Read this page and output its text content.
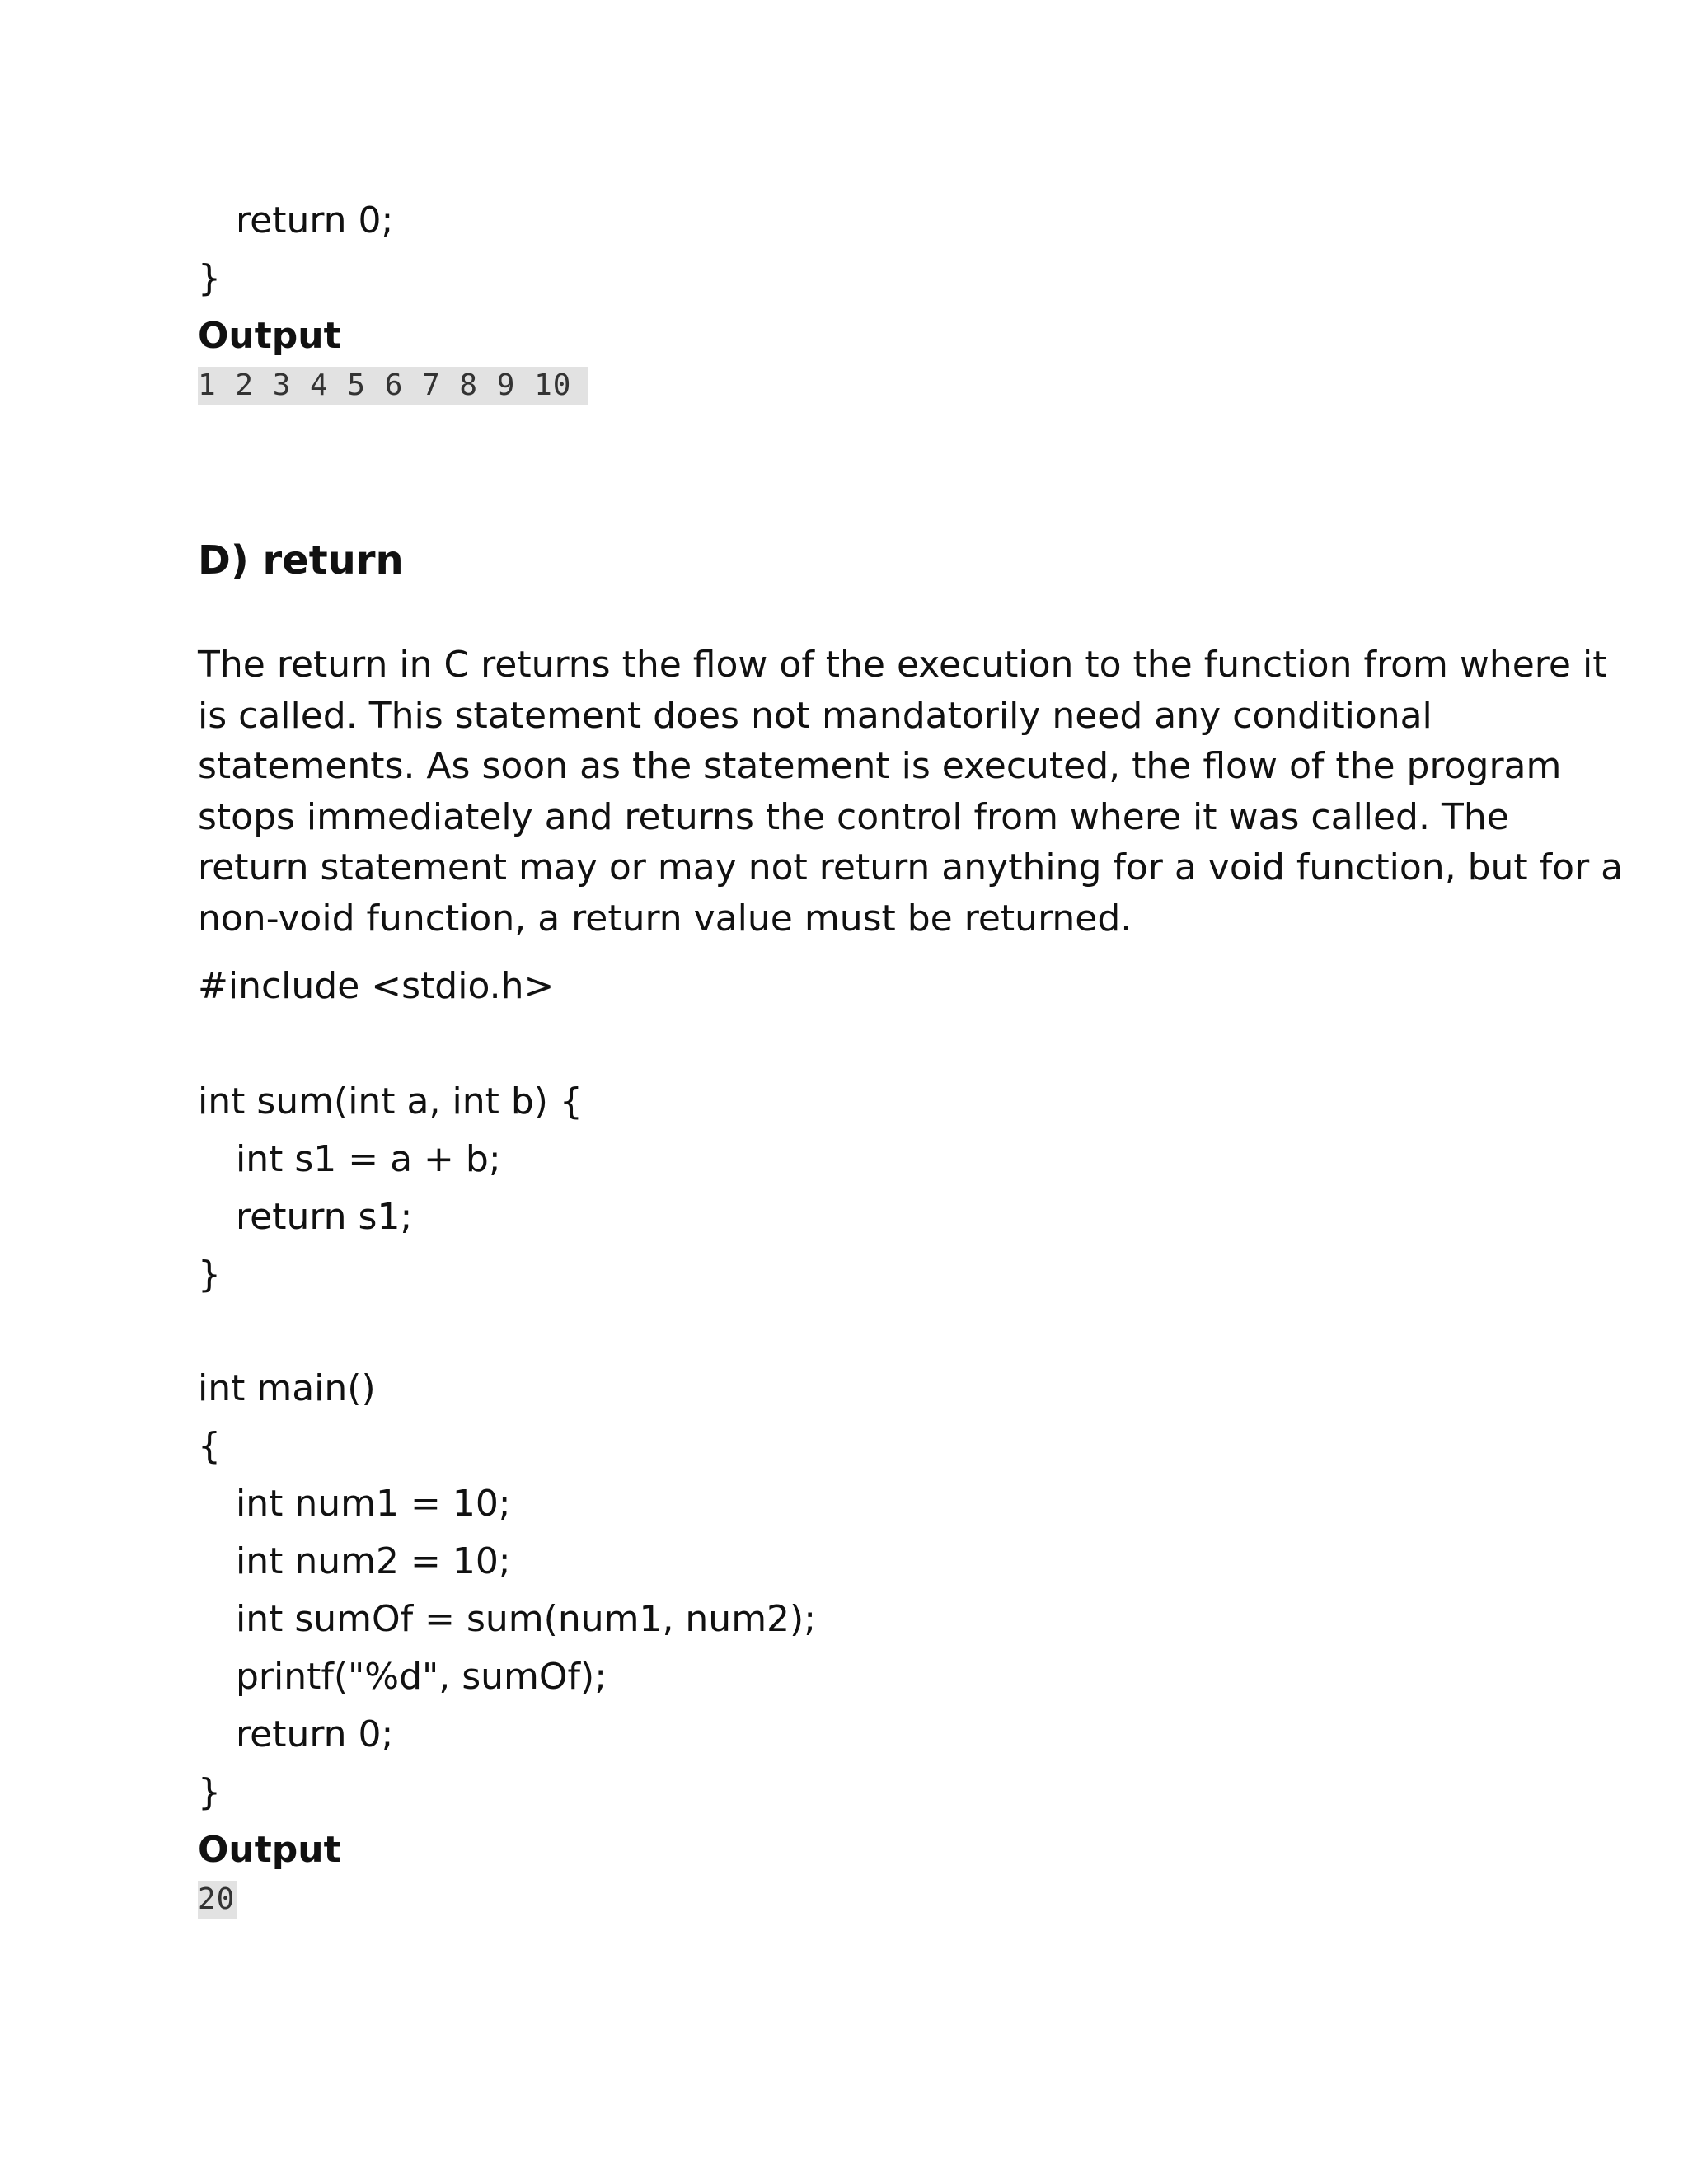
return 0;
}
Output
1 2 3 4 5 6 7 8 9 10
D) return
The return in C returns the flow of the execution to the function from where it
is called. This statement does not mandatorily need any conditional
statements. As soon as the statement is executed, the flow of the program
stops immediately and returns the control from where it was called. The
return statement may or may not return anything for a void function, but for a
non-void function, a return value must be returned.
#include <stdio.h>
int sum(int a, int b) {
int s1 = a + b;
return s1;
}
int main()
{
int num1 = 10;
int num2 = 10;
int sumOf = sum(num1, num2);
printf("%d", sumOf);
return 0;
}
Output
20
